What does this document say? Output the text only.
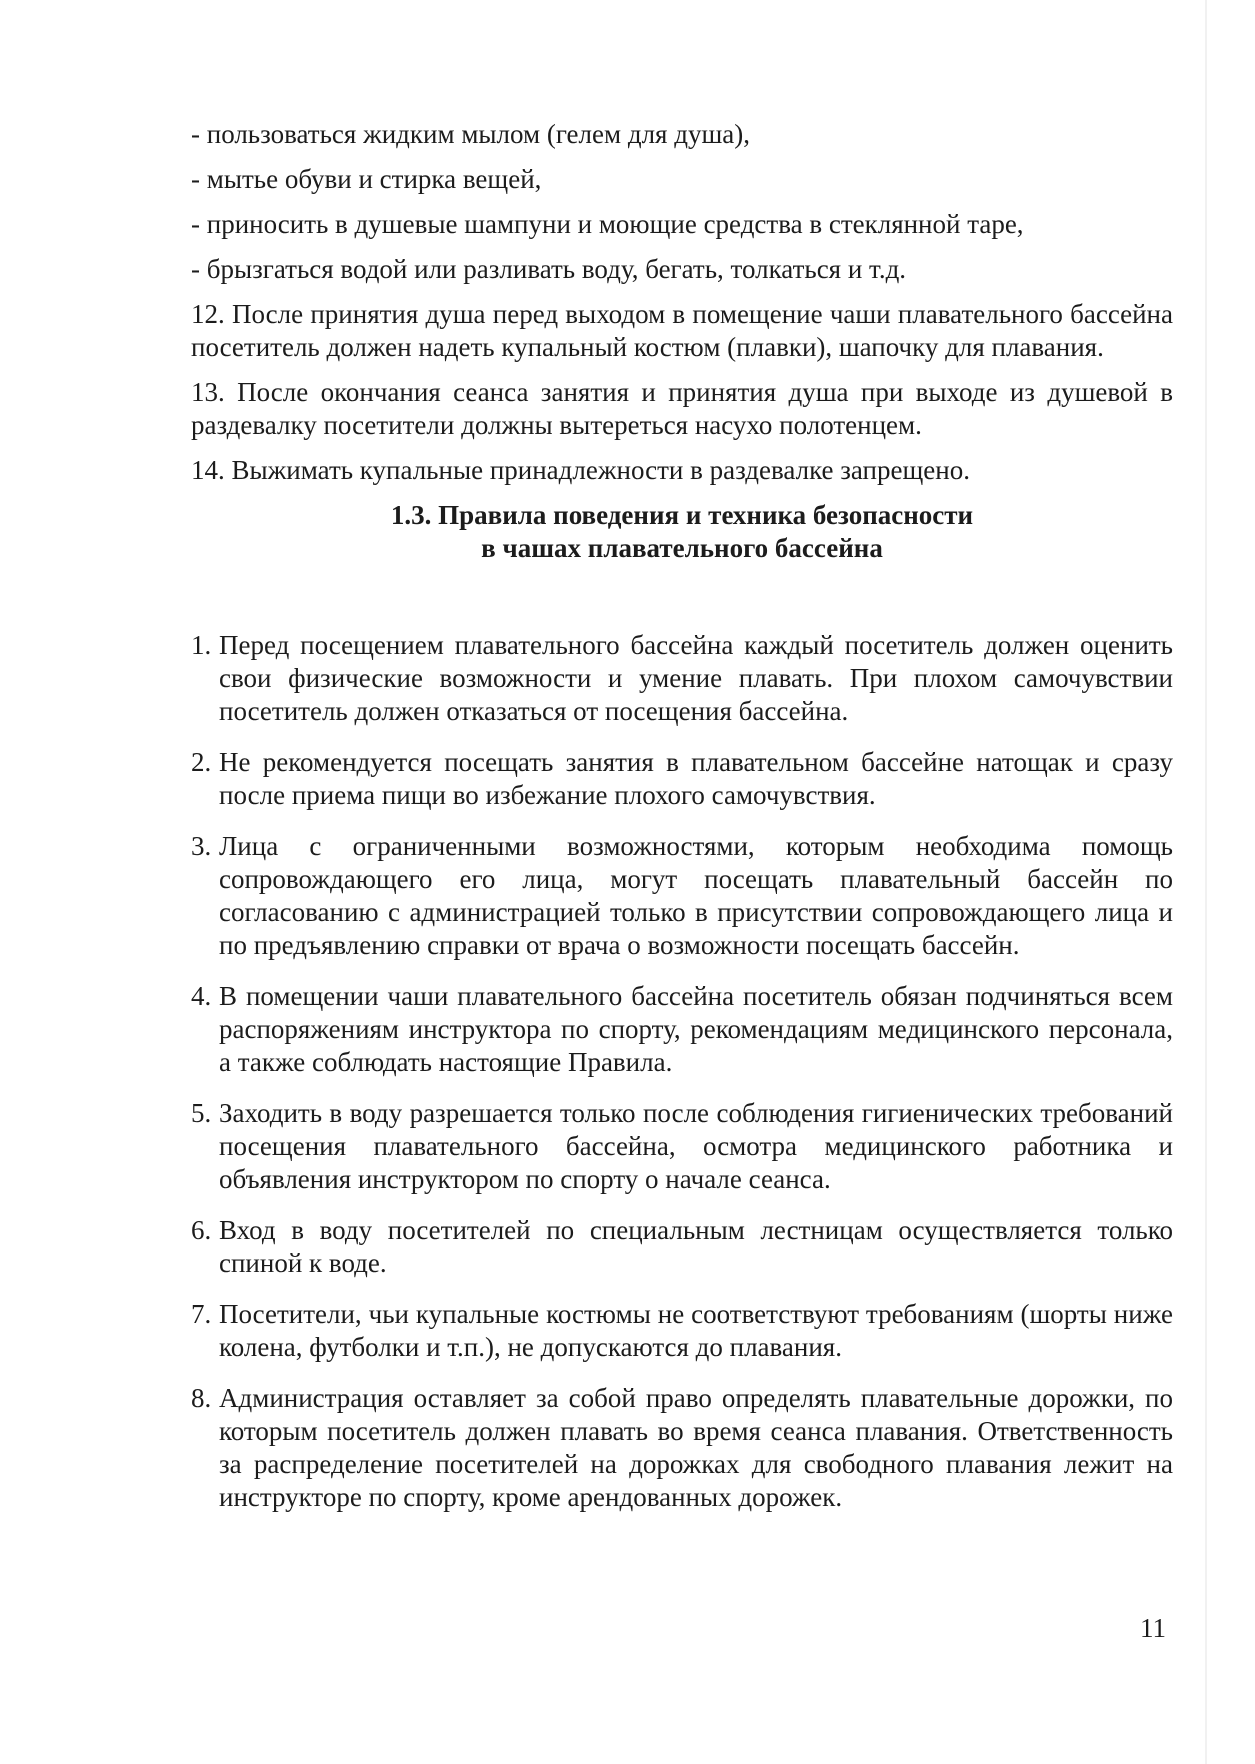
- пользоваться жидким мылом (гелем для душа),

- мытье обуви и стирка вещей,

- приносить в душевые шампуни и моющие средства в стеклянной таре,

- брызгаться водой или разливать воду, бегать, толкаться и т.д.

12. После принятия душа перед выходом в помещение чаши плавательного бассейна посетитель должен надеть купальный костюм (плавки), шапочку для плавания.

13. После окончания сеанса занятия и принятия душа при выходе из душевой в раздевалку посетители должны вытереться насухо полотенцем.

14. Выжимать купальные принадлежности в раздевалке запрещено.

1.3. Правила поведения и техника безопасности
в чашах плавательного бассейна
1. Перед посещением плавательного бассейна каждый посетитель должен оценить свои физические возможности и умение плавать. При плохом самочувствии посетитель должен отказаться от посещения бассейна.
2. Не рекомендуется посещать занятия в плавательном бассейне натощак и сразу после приема пищи во избежание плохого самочувствия.
3. Лица с ограниченными возможностями, которым необходима помощь сопровождающего его лица, могут посещать плавательный бассейн по согласованию с администрацией только в присутствии сопровождающего лица и по предъявлению справки от врача о возможности посещать бассейн.
4. В помещении чаши плавательного бассейна посетитель обязан подчиняться всем распоряжениям инструктора по спорту, рекомендациям медицинского персонала, а также соблюдать настоящие Правила.
5. Заходить в воду разрешается только после соблюдения гигиенических требований посещения плавательного бассейна, осмотра медицинского работника и объявления инструктором по спорту о начале сеанса.
6. Вход в воду посетителей по специальным лестницам осуществляется только спиной к воде.
7. Посетители, чьи купальные костюмы не соответствуют требованиям (шорты ниже колена, футболки и т.п.), не допускаются до плавания.
8. Администрация оставляет за собой право определять плавательные дорожки, по которым посетитель должен плавать во время сеанса плавания. Ответственность за распределение посетителей на дорожках для свободного плавания лежит на инструкторе по спорту, кроме арендованных дорожек.
11
